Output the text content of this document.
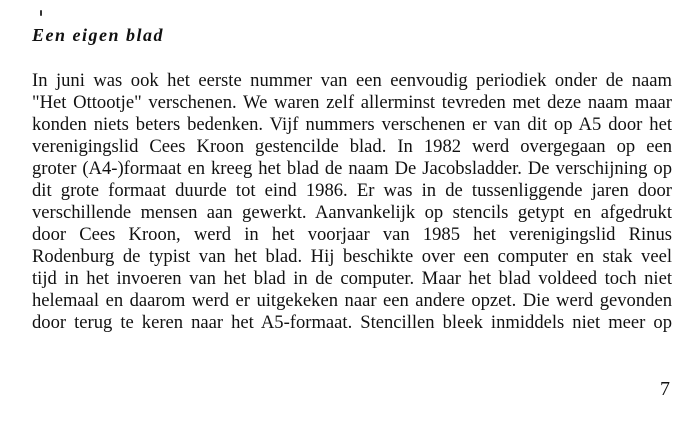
Een eigen blad
In juni was ook het eerste nummer van een eenvoudig periodiek onder de naam
"Het Ottootje" verschenen. We waren zelf allerminst tevreden met deze naam maar
konden niets beters bedenken. Vijf nummers verschenen er van dit op A5 door het
verenigingslid Cees Kroon gestencilde blad. In 1982 werd overgegaan op een
groter (A4-)formaat en kreeg het blad de naam De Jacobsladder. De verschijning op
dit grote formaat duurde tot eind 1986. Er was in de tussenliggende jaren door
verschillende mensen aan gewerkt. Aanvankelijk op stencils getypt en afgedrukt
door Cees Kroon, werd in het voorjaar van 1985 het verenigingslid Rinus
Rodenburg de typist van het blad. Hij beschikte over een computer en stak veel
tijd in het invoeren van het blad in de computer. Maar het blad voldeed toch niet
helemaal en daarom werd er uitgekeken naar een andere opzet. Die werd gevonden
door terug te keren naar het A5-formaat. Stencillen bleek inmiddels niet meer op

7
